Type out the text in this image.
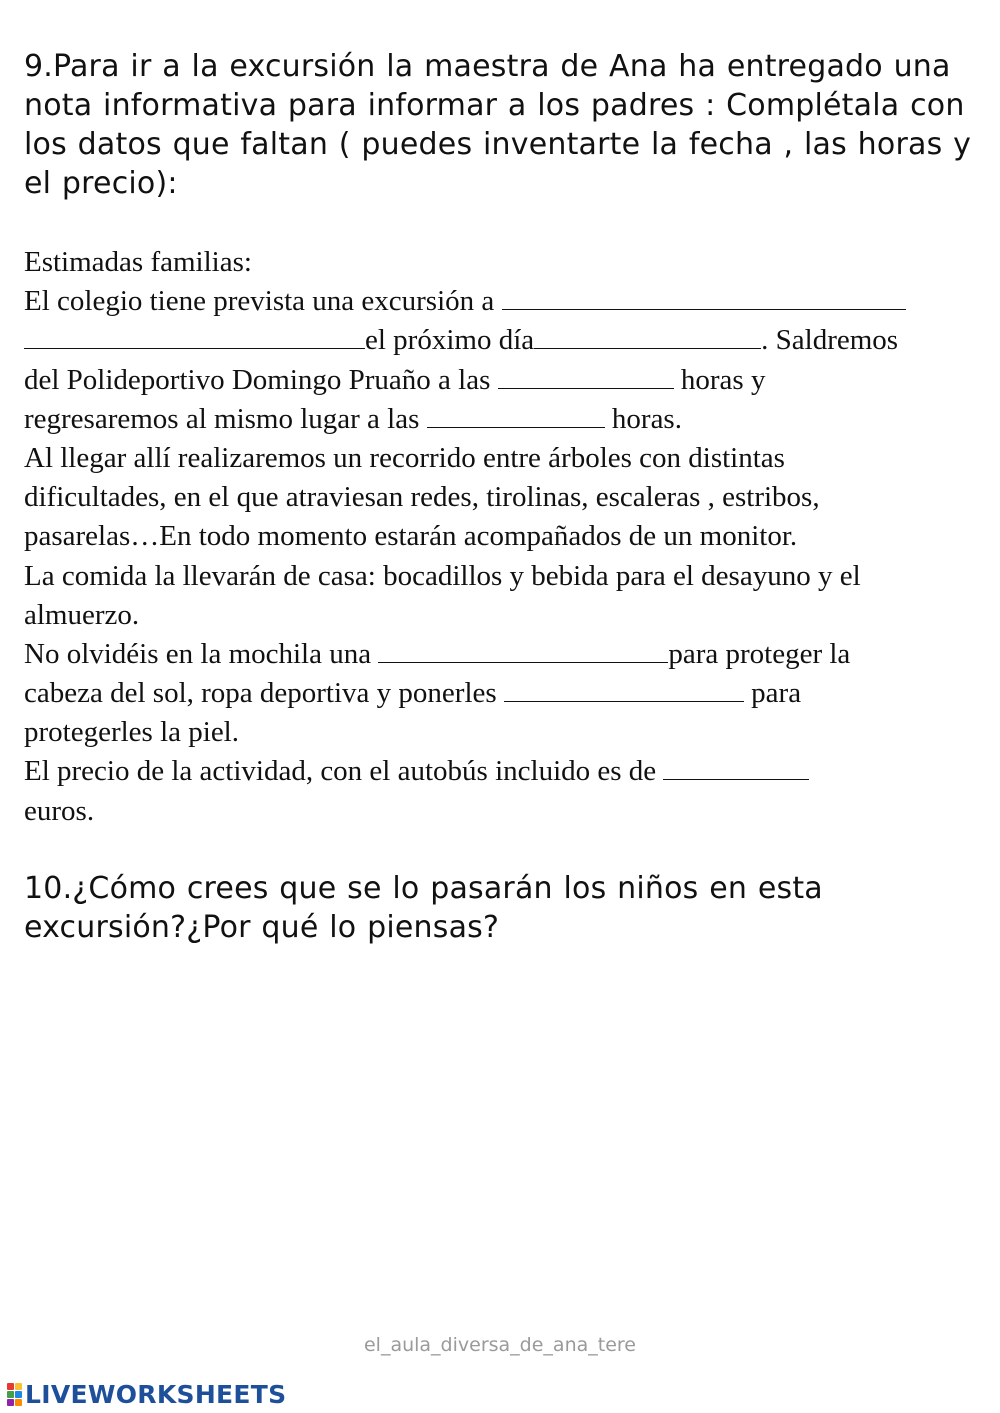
9.Para ir a la excursión la maestra de Ana ha entregado una
nota informativa para informar a los padres : Complétala con
los datos que faltan ( puedes inventarte la fecha , las horas y
el precio):
Estimadas familias:
El colegio tiene prevista una excursión a
el próximo día	. Saldremos
del Polideportivo Domingo Pruaño a las	horas y
regresaremos al mismo lugar a las	horas.
Al llegar allí realizaremos un recorrido entre árboles con distintas
dificultades, en el que atraviesan redes, tirolinas, escaleras , estribos,
pasarelas…En todo momento estarán acompañados de un monitor.
La comida la llevarán de casa: bocadillos y bebida para el desayuno y el
almuerzo.
No olvidéis en la mochila una	para proteger la
cabeza del sol, ropa deportiva y ponerles	para
protegerles la piel.
El precio de la actividad, con el autobús incluido es de
euros.
10.¿Cómo crees que se lo pasarán los niños en esta
excursión?¿Por qué lo piensas?
el_aula_diversa_de_ana_tere
LIVEWORKSHEETS
